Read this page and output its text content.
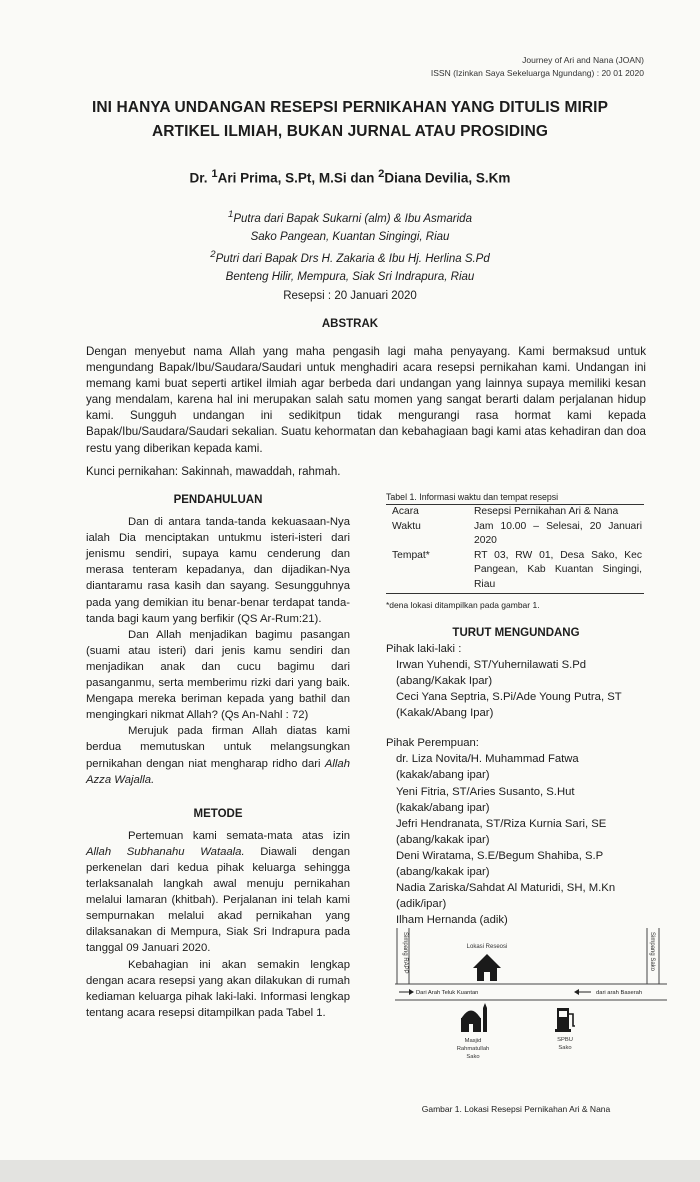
Journey of Ari and Nana (JOAN)
ISSN (Izinkan Saya Sekeluarga Ngundang) : 20 01 2020
INI HANYA UNDANGAN RESEPSI PERNIKAHAN YANG DITULIS MIRIP
ARTIKEL ILMIAH, BUKAN JURNAL ATAU PROSIDING
Dr. $^1$Ari Prima, S.Pt, M.Si dan $^2$Diana Devilia, S.Km
$^1$Putra dari Bapak Sukarni (alm) & Ibu Asmarida
Sako Pangean, Kuantan Singingi, Riau
$^2$Putri dari Bapak Drs H. Zakaria & Ibu Hj. Herlina S.Pd
Benteng Hilir, Mempura, Siak Sri Indrapura, Riau
Resepsi : 20 Januari 2020
ABSTRAK
Dengan menyebut nama Allah yang maha pengasih lagi maha penyayang. Kami bermaksud untuk mengundang Bapak/Ibu/Saudara/Saudari untuk menghadiri acara resepsi pernikahan kami. Undangan ini memang kami buat seperti artikel ilmiah agar berbeda dari undangan yang lainnya supaya memiliki kesan yang mendalam, karena hal ini merupakan salah satu momen yang sangat berarti dalam perjalanan hidup kami. Sungguh undangan ini sedikitpun tidak mengurangi rasa hormat kami kepada Bapak/Ibu/Saudara/Saudari sekalian. Suatu kehormatan dan kebahagiaan bagi kami atas kehadiran dan doa restu yang diberikan kepada kami.
Kunci pernikahan: Sakinnah, mawaddah, rahmah.
PENDAHULUAN

Dan di antara tanda-tanda kekuasaan-Nya ialah Dia menciptakan untukmu isteri-isteri dari jenismu sendiri, supaya kamu cenderung dan merasa tenteram kepadanya, dan dijadikan-Nya diantaramu rasa kasih dan sayang. Sesungguhnya pada yang demikian itu benar-benar terdapat tanda-tanda bagi kaum yang berfikir (QS Ar-Rum:21).

Dan Allah menjadikan bagimu pasangan (suami atau isteri) dari jenis kamu sendiri dan menjadikan anak dan cucu bagimu dari pasanganmu, serta memberimu rizki dari yang baik. Mengapa mereka beriman kepada yang bathil dan mengingkari nikmat Allah? (Qs An-Nahl : 72)

Merujuk pada firman Allah diatas kami berdua memutuskan untuk melangsungkan pernikahan dengan niat mengharap ridho dari Allah Azza Wajalla.

METODE

Pertemuan kami semata-mata atas izin Allah Subhanahu Wataala. Diawali dengan perkenelan dari kedua pihak keluarga sehingga terlaksanalah langkah awal menuju pernikahan melalui lamaran (khitbah). Perjalanan ini telah kami sempurnakan melalui akad pernikahan yang dilaksanakan di Mempura, Siak Sri Indrapura pada tanggal 09 Januari 2020.

Kebahagian ini akan semakin lengkap dengan acara resepsi yang akan dilakukan di rumah kediaman keluarga pihak laki-laki. Informasi lengkap tentang acara resepsi ditampilkan pada Tabel 1.

Tabel 1. Informasi waktu dan tempat resepsi
Acara	Resepsi Pernikahan Ari & Nana
Waktu	Jam 10.00 – Selesai, 20 Januari 2020
Tempat*	RT 03, RW 01, Desa Sako, Kec Pangean, Kab Kuantan Singingi, Riau
*dena lokasi ditampilkan pada gambar 1.
TURUT MENGUNDANG
Pihak laki-laki :
Irwan Yuhendi, ST/Yuhernilawati S.Pd
(abang/Kakak Ipar)
Ceci Yana Septria, S.Pi/Ade Young Putra, ST
(Kakak/Abang Ipar)
Pihak Perempuan:
dr. Liza Novita/H. Muhammad Fatwa
(kakak/abang ipar)
Yeni Fitria, ST/Aries Susanto, S.Hut
(kakak/abang ipar)
Jefri Hendranata, ST/Riza Kurnia Sari, SE
(abang/kakak ipar)
Deni Wiratama, S.E/Begum Shahiba, S.P
(abang/kakak ipar)
Nadia Zariska/Sahdat Al Maturidi, SH, M.Kn
(adik/ipar)
Ilham Hernanda (adik)
Simpang RAPP	Simpang Sako
Lokasi Reseosi
Dari Arah Teluk Kuantan	dari arah Baserah
Masjid
Rahmatullah
Sako
SPBU
Sako
Gambar 1. Lokasi Resepsi Pernikahan Ari & Nana
